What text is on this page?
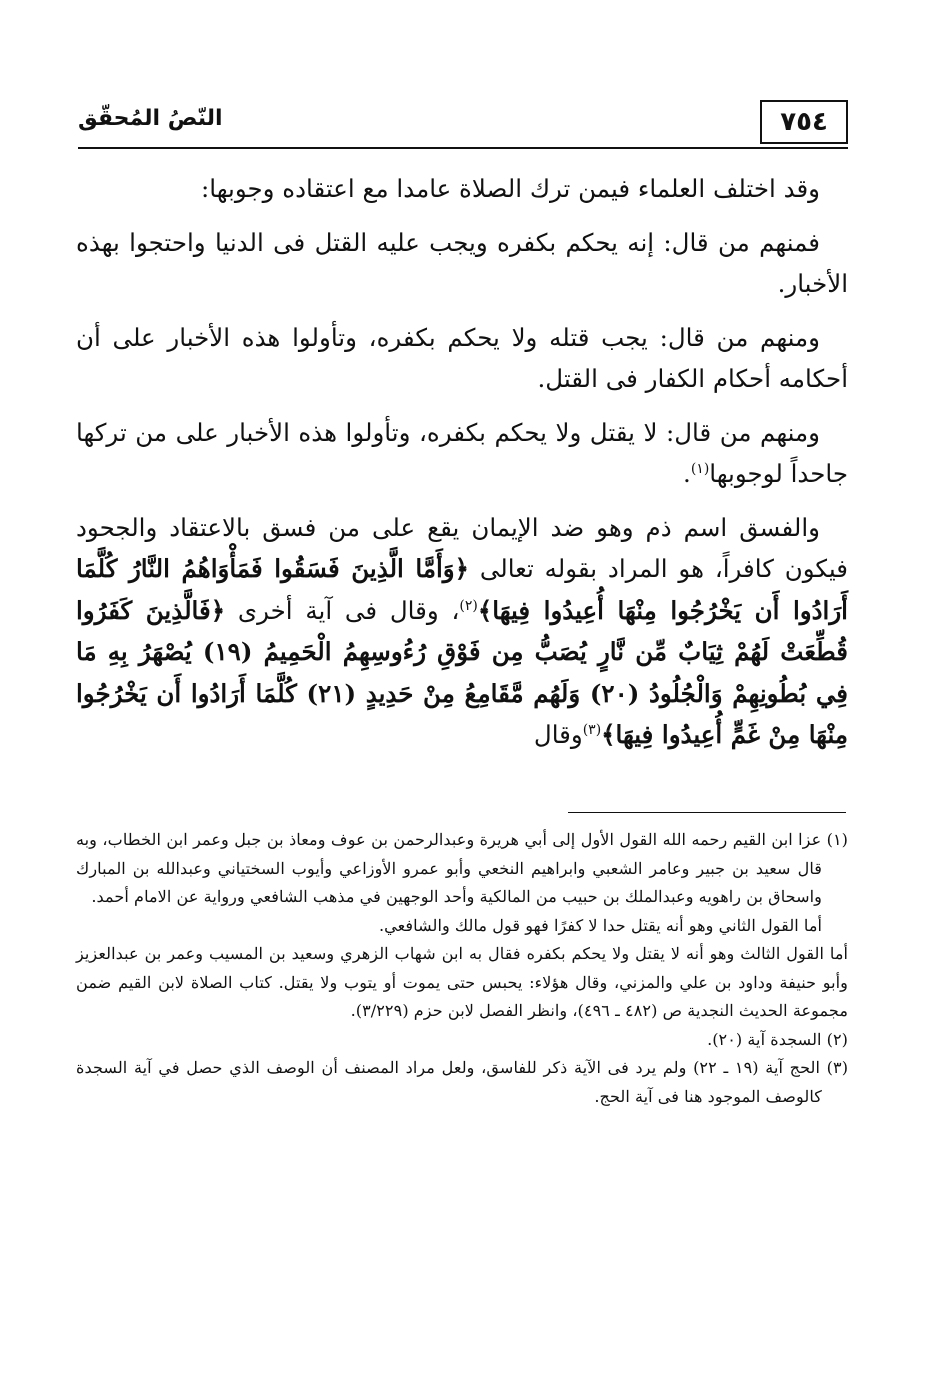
٧٥٤
النّصُ المُحقّق

وقد اختلف العلماء فيمن ترك الصلاة عامدا مع اعتقاده وجوبها:

فمنهم من قال: إنه يحكم بكفره ويجب عليه القتل فى الدنيا واحتجوا بهذه الأخبار.

ومنهم من قال: يجب قتله ولا يحكم بكفره، وتأولوا هذه الأخبار على أن أحكامه أحكام الكفار فى القتل.

ومنهم من قال: لا يقتل ولا يحكم بكفره، وتأولوا هذه الأخبار على من تركها جاحداً لوجوبها$^{(١)}$.

والفسق اسم ذم وهو ضد الإيمان يقع على من فسق بالاعتقاد والجحود فيكون كافراً، هو المراد بقوله تعالى ﴿وَأَمَّا الَّذِينَ فَسَقُوا فَمَأْوَاهُمُ النَّارُ كُلَّمَا أَرَادُوا أَن يَخْرُجُوا مِنْهَا أُعِيدُوا فِيهَا﴾$^{(٢)}$، وقال فى آية أخرى ﴿فَالَّذِينَ كَفَرُوا قُطِّعَتْ لَهُمْ ثِيَابٌ مِّن نَّارٍ يُصَبُّ مِن فَوْقِ رُءُوسِهِمُ الْحَمِيمُ (١٩) يُصْهَرُ بِهِ مَا فِي بُطُونِهِمْ وَالْجُلُودُ (٢٠) وَلَهُم مَّقَامِعُ مِنْ حَدِيدٍ (٢١) كُلَّمَا أَرَادُوا أَن يَخْرُجُوا مِنْهَا مِنْ غَمٍّ أُعِيدُوا فِيهَا﴾$^{(٣)}$وقال

(١) عزا ابن القيم رحمه الله القول الأول إلى أبي هريرة وعبدالرحمن بن عوف ومعاذ بن جبل وعمر ابن الخطاب، وبه قال سعيد بن جبير وعامر الشعبي وابراهيم النخعي وأبو عمرو الأوزاعي وأيوب السختياني وعبدالله بن المبارك واسحاق بن راهويه وعبدالملك بن حبيب من المالكية وأحد الوجهين في مذهب الشافعي ورواية عن الامام أحمد.

أما القول الثاني وهو أنه يقتل حدا لا كفرًا فهو قول مالك والشافعي.

أما القول الثالث وهو أنه لا يقتل ولا يحكم بكفره فقال به ابن شهاب الزهري وسعيد بن المسيب وعمر بن عبدالعزيز وأبو حنيفة وداود بن علي والمزني، وقال هؤلاء: يحبس حتى يموت أو يتوب ولا يقتل. كتاب الصلاة لابن القيم ضمن مجموعة الحديث النجدية ص (٤٨٢ ـ ٤٩٦)، وانظر الفصل لابن حزم (٣/٢٢٩).

(٢) السجدة آية (٢٠).

(٣) الحج آية (١٩ ـ ٢٢) ولم يرد فى الآية ذكر للفاسق، ولعل مراد المصنف أن الوصف الذي حصل في آية السجدة كالوصف الموجود هنا فى آية الحج.
